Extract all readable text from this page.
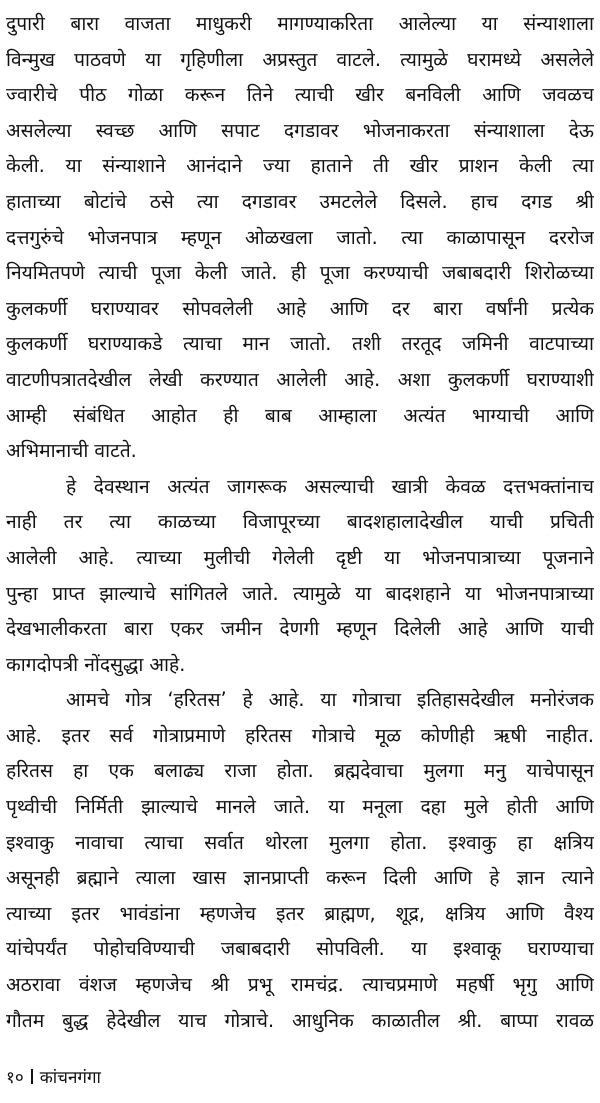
दुपारी बारा वाजता माधुकरी मागण्याकरिता आलेल्या या संन्याशाला
विन्मुख पाठवणे या गृहिणीला अप्रस्तुत वाटले. त्यामुळे घरामध्ये असलेले
ज्वारीचे पीठ गोळा करून तिने त्याची खीर बनविली आणि जवळच
असलेल्या स्वच्छ आणि सपाट दगडावर भोजनाकरता संन्याशाला देऊ
केली. या संन्याशाने आनंदाने ज्या हाताने ती खीर प्राशन केली त्या
हाताच्या बोटांचे ठसे त्या दगडावर उमटलेले दिसले. हाच दगड श्री
दत्तगुरुंचे भोजनपात्र म्हणून ओळखला जातो. त्या काळापासून दररोज
नियमितपणे त्याची पूजा केली जाते. ही पूजा करण्याची जबाबदारी शिरोळच्या
कुलकर्णी घराण्यावर सोपवलेली आहे आणि दर बारा वर्षांनी प्रत्येक
कुलकर्णी घराण्याकडे त्याचा मान जातो. तशी तरतूद जमिनी वाटपाच्या
वाटणीपत्रातदेखील लेखी करण्यात आलेली आहे. अशा कुलकर्णी घराण्याशी
आम्ही संबंधित आहोत ही बाब आम्हाला अत्यंत भाग्याची आणि
अभिमानाची वाटते.
हे देवस्थान अत्यंत जागरूक असल्याची खात्री केवळ दत्तभक्तांनाच
नाही तर त्या काळच्या विजापूरच्या बादशहालादेखील याची प्रचिती
आलेली आहे. त्याच्या मुलीची गेलेली दृष्टी या भोजनपात्राच्या पूजनाने
पुन्हा प्राप्त झाल्याचे सांगितले जाते. त्यामुळे या बादशहाने या भोजनपात्राच्या
देखभालीकरता बारा एकर जमीन देणगी म्हणून दिलेली आहे आणि याची
कागदोपत्री नोंदसुद्धा आहे.
आमचे गोत्र ‘हरितस’ हे आहे. या गोत्राचा इतिहासदेखील मनोरंजक
आहे. इतर सर्व गोत्राप्रमाणे हरितस गोत्राचे मूळ कोणीही ऋषी नाहीत.
हरितस हा एक बलाढ्य राजा होता. ब्रह्मदेवाचा मुलगा मनु याचेपासून
पृथ्वीची निर्मिती झाल्याचे मानले जाते. या मनूला दहा मुले होती आणि
इश्वाकु नावाचा त्याचा सर्वात थोरला मुलगा होता. इश्वाकु हा क्षत्रिय
असूनही ब्रह्माने त्याला खास ज्ञानप्राप्ती करून दिली आणि हे ज्ञान त्याने
त्याच्या इतर भावंडांना म्हणजेच इतर ब्राह्मण, शूद्र, क्षत्रिय आणि वैश्य
यांचेपर्यंत पोहोचविण्याची जबाबदारी सोपविली. या इश्वाकू घराण्याचा
अठरावा वंशज म्हणजेच श्री प्रभू रामचंद्र. त्याचप्रमाणे महर्षी भृगु आणि
गौतम बुद्ध हेदेखील याच गोत्राचे. आधुनिक काळातील श्री. बाप्पा रावळ
१० कांचनगंगा
